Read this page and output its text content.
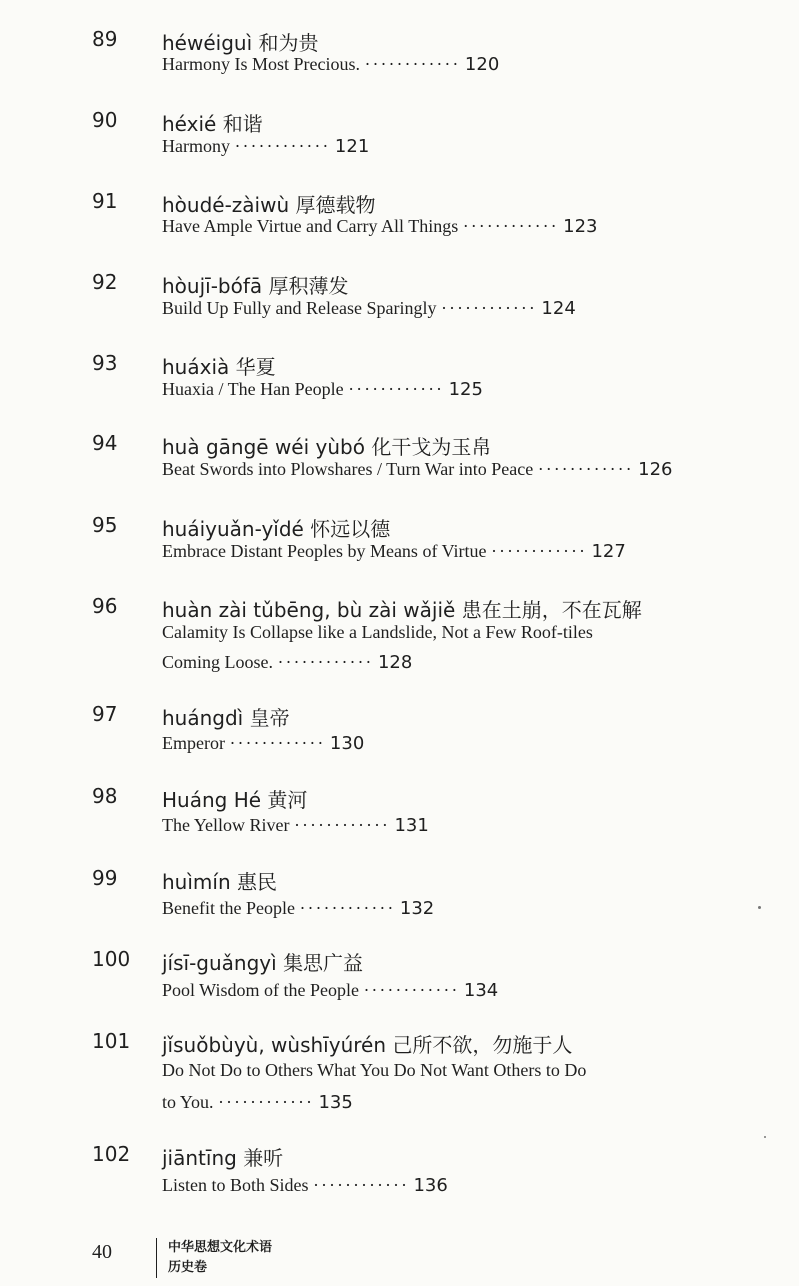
89 héwéiguì 和为贵
Harmony Is Most Precious. ············ 120
90 héxié 和谐
Harmony ············ 121
91 hòudé-zàiwù 厚德载物
Have Ample Virtue and Carry All Things ············ 123
92 hòujī-bófā 厚积薄发
Build Up Fully and Release Sparingly ············ 124
93 huáxià 华夏
Huaxia / The Han People ············ 125
94 huà gāngē wéi yùbó 化干戈为玉帛
Beat Swords into Plowshares / Turn War into Peace ············ 126
95 huáiyuǎn-yǐdé 怀远以德
Embrace Distant Peoples by Means of Virtue ············ 127
96 huàn zài tǔbēng, bù zài wǎjiě 患在土崩，不在瓦解
Calamity Is Collapse like a Landslide, Not a Few Roof-tiles
Coming Loose. ············ 128
97 huángdì 皇帝
Emperor ············ 130
98 Huáng Hé 黄河
The Yellow River ············ 131
99 huìmín 惠民
Benefit the People ············ 132
100 jísī-guǎngyì 集思广益
Pool Wisdom of the People ············ 134
101 jǐsuǒbùyù, wùshīyúrén 己所不欲，勿施于人
Do Not Do to Others What You Do Not Want Others to Do
to You. ············ 135
102 jiāntīng 兼听
Listen to Both Sides ············ 136
40	中华思想文化术语
历史卷
